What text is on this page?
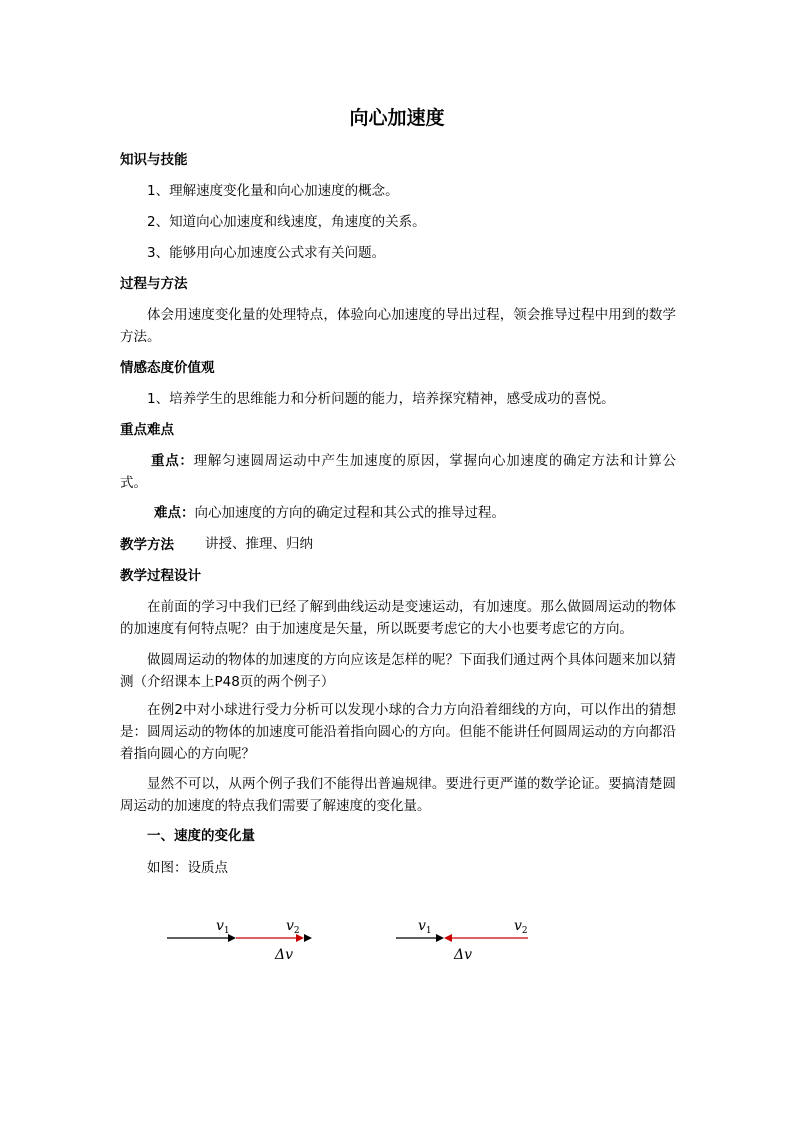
向心加速度
知识与技能
1、理解速度变化量和向心加速度的概念。
2、知道向心加速度和线速度，角速度的关系。
3、能够用向心加速度公式求有关问题。
过程与方法
体会用速度变化量的处理特点，体验向心加速度的导出过程，领会推导过程中用到的数学方法。
情感态度价值观
1、培养学生的思维能力和分析问题的能力，培养探究精神，感受成功的喜悦。
重点难点
重点：理解匀速圆周运动中产生加速度的原因，掌握向心加速度的确定方法和计算公式。
难点：向心加速度的方向的确定过程和其公式的推导过程。
教学方法 讲授、推理、归纳
教学过程设计
在前面的学习中我们已经了解到曲线运动是变速运动，有加速度。那么做圆周运动的物体的加速度有何特点呢？由于加速度是矢量，所以既要考虑它的大小也要考虑它的方向。
做圆周运动的物体的加速度的方向应该是怎样的呢？下面我们通过两个具体问题来加以猜测（介绍课本上P48页的两个例子）
在例2中对小球进行受力分析可以发现小球的合力方向沿着细线的方向，可以作出的猜想是：圆周运动的物体的加速度可能沿着指向圆心的方向。但能不能讲任何圆周运动的方向都沿着指向圆心的方向呢？
显然不可以，从两个例子我们不能得出普遍规律。要进行更严谨的数学论证。要搞清楚圆周运动的加速度的特点我们需要了解速度的变化量。
一、速度的变化量
如图：设质点
$v_1$	$v_2$
Δv
$v_1$	$v_2$
Δv
